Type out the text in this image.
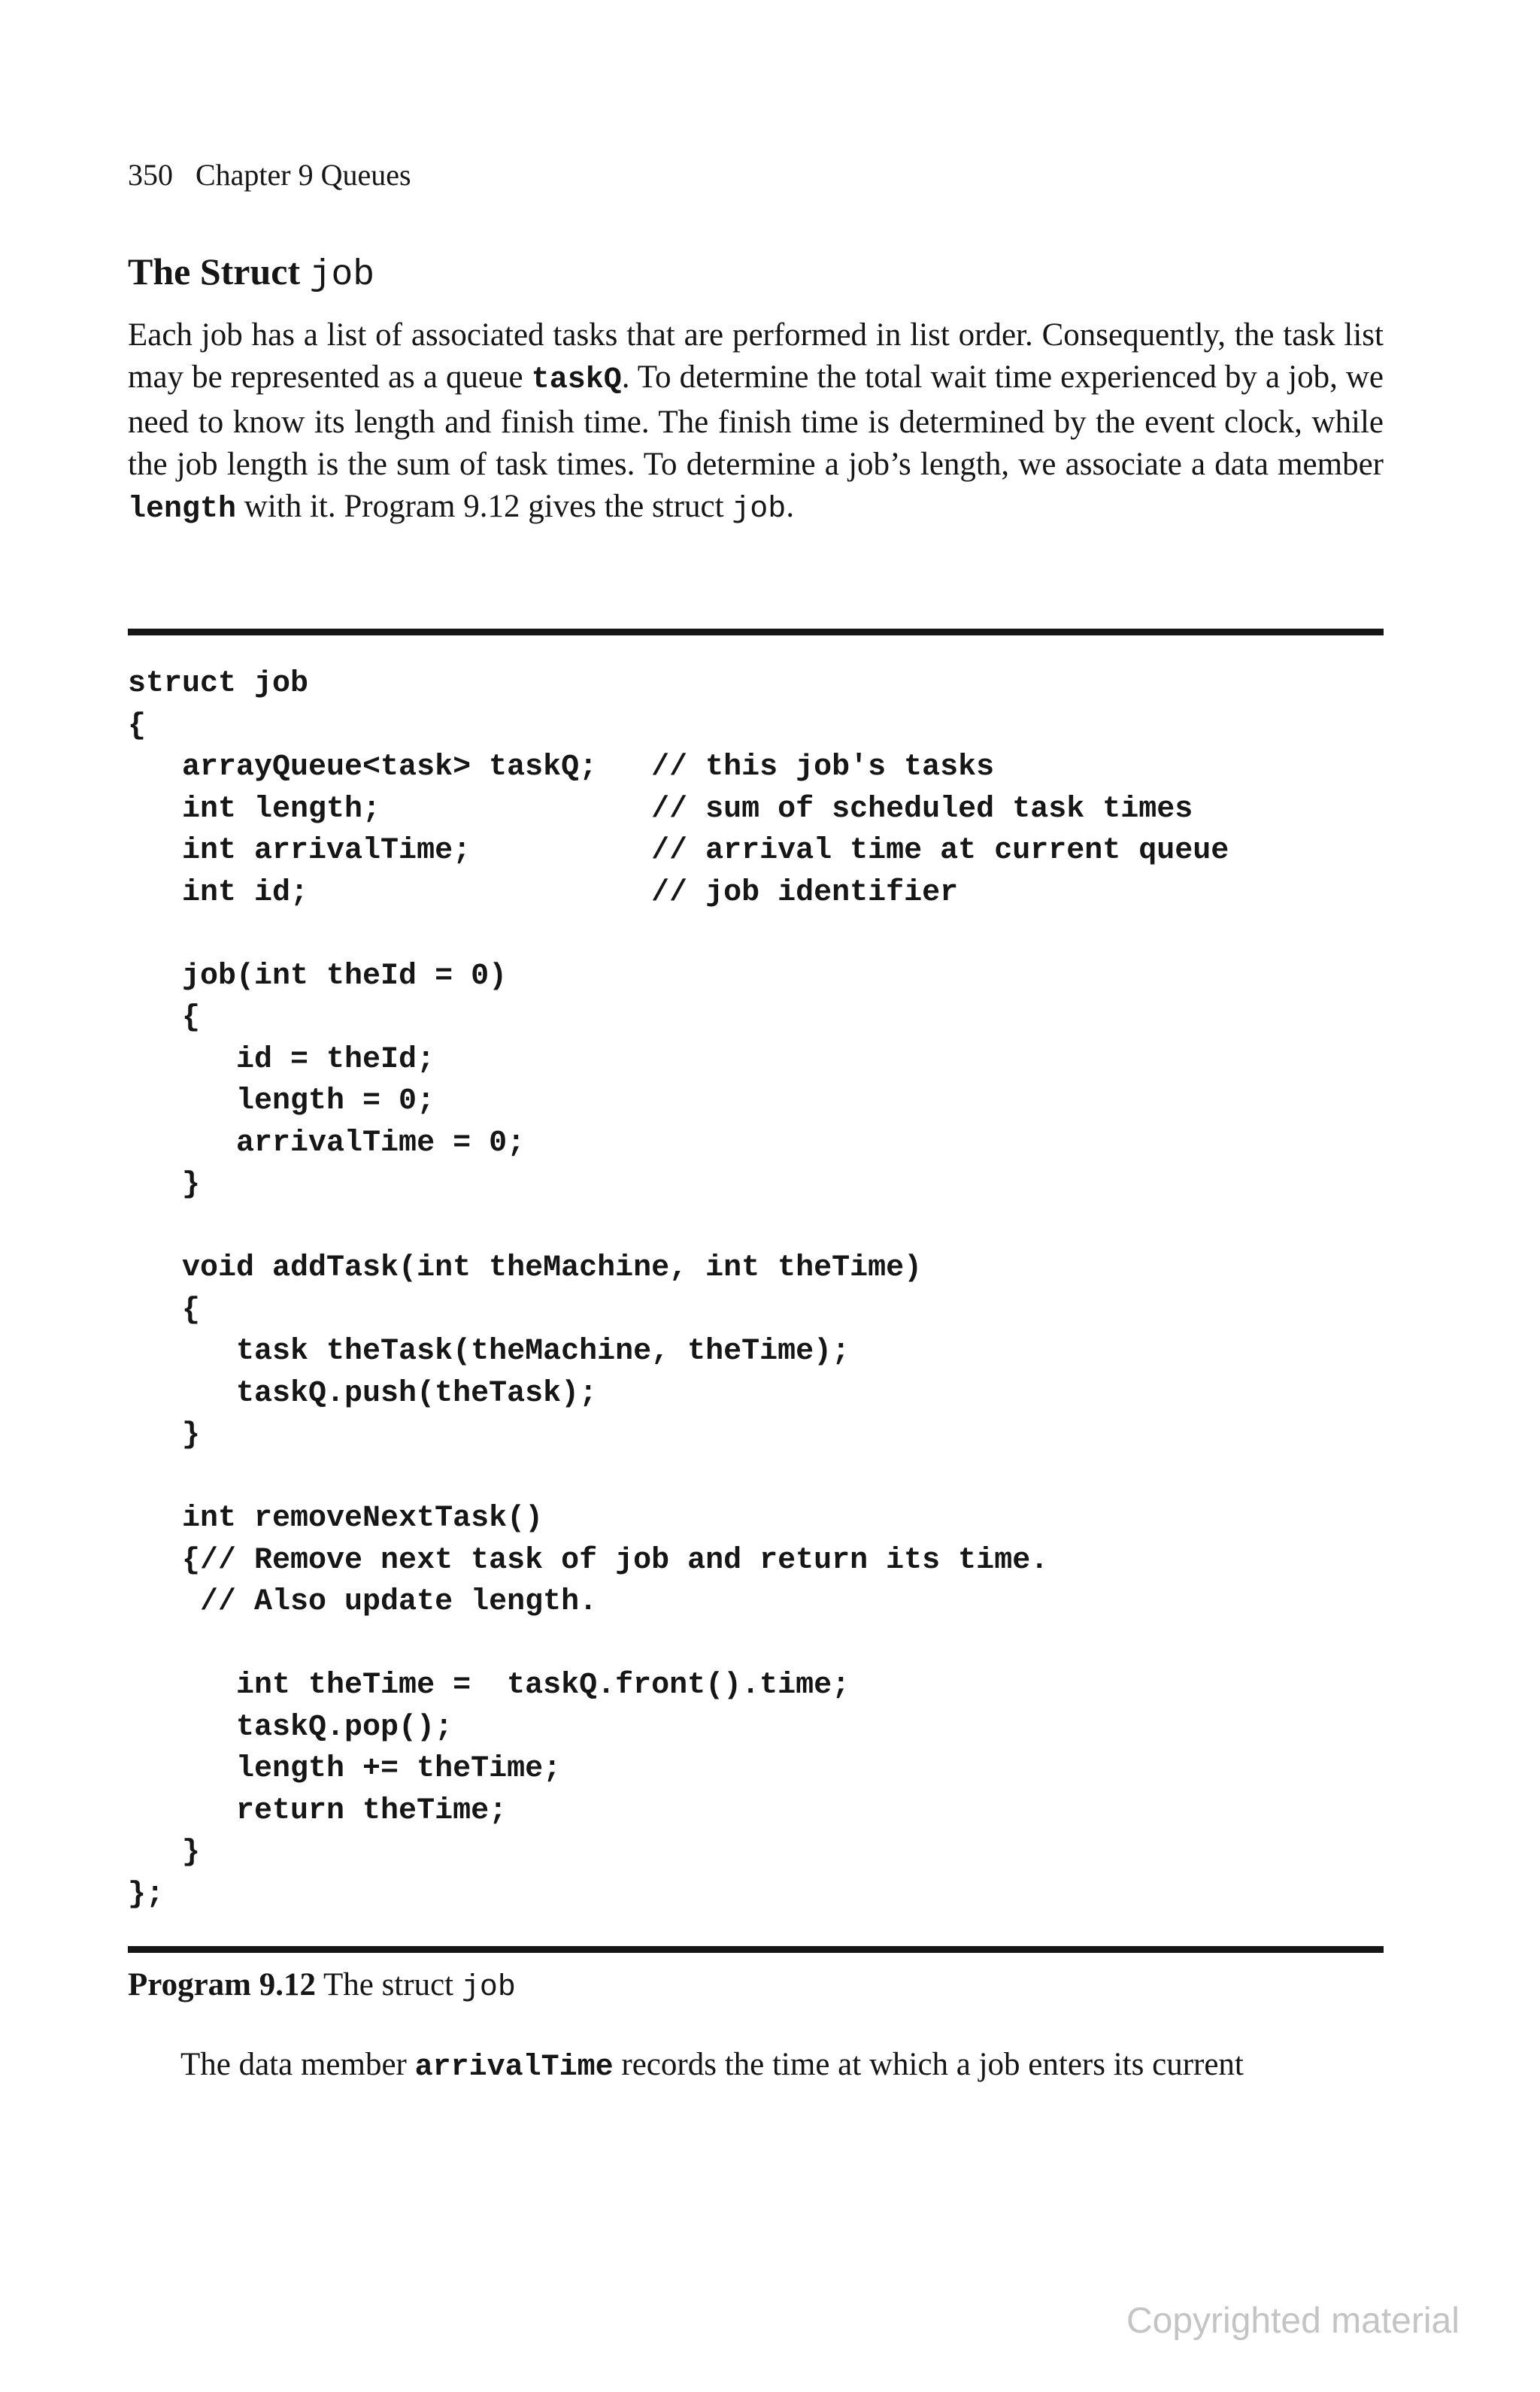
350 Chapter 9 Queues
The Struct job
Each job has a list of associated tasks that are performed in list order. Consequently, the task list may be represented as a queue taskQ. To determine the total wait time experienced by a job, we need to know its length and finish time. The finish time is determined by the event clock, while the job length is the sum of task times. To determine a job’s length, we associate a data member length with it. Program 9.12 gives the struct job.
struct job
{
arrayQueue<task> taskQ;   // this job's tasks
int length;               // sum of scheduled task times
int arrivalTime;          // arrival time at current queue
int id;                   // job identifier
job(int theId = 0)
{
id = theId;
length = 0;
arrivalTime = 0;
}
void addTask(int theMachine, int theTime)
{
task theTask(theMachine, theTime);
taskQ.push(theTask);
}
int removeNextTask()
{// Remove next task of job and return its time.
// Also update length.
int theTime =  taskQ.front().time;
taskQ.pop();
length += theTime;
return theTime;
}
};
Program 9.12 The struct job
The data member arrivalTime records the time at which a job enters its current
Copyrighted material
